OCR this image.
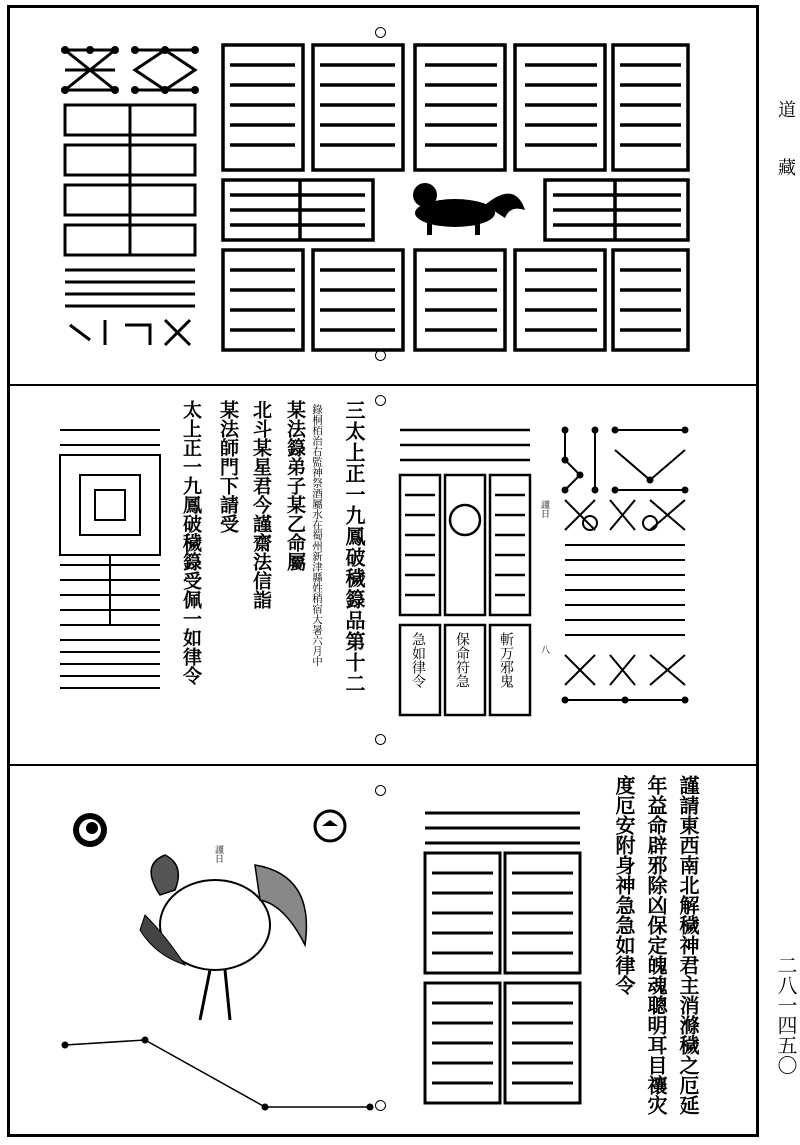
道藏
二八一四五〇
三太上正一九鳳破穢籙品第十二
錄桐栢治右監神祭酒屬水在蜀州新津縣姓稍宿大暑六月中
某法籙弟子某乙命屬
北斗某星君今謹齋法信詣
某法師門下請受
太上正一九鳳破穢籙受佩一如律令	保命符急 斬万邪鬼
急如律令
謹日
八
謹日	謹請東西南北解穢神君主消滌穢之厄延
年益命辟邪除凶保定魄魂聰明耳目禳灾
度厄安附身神急急如律令
